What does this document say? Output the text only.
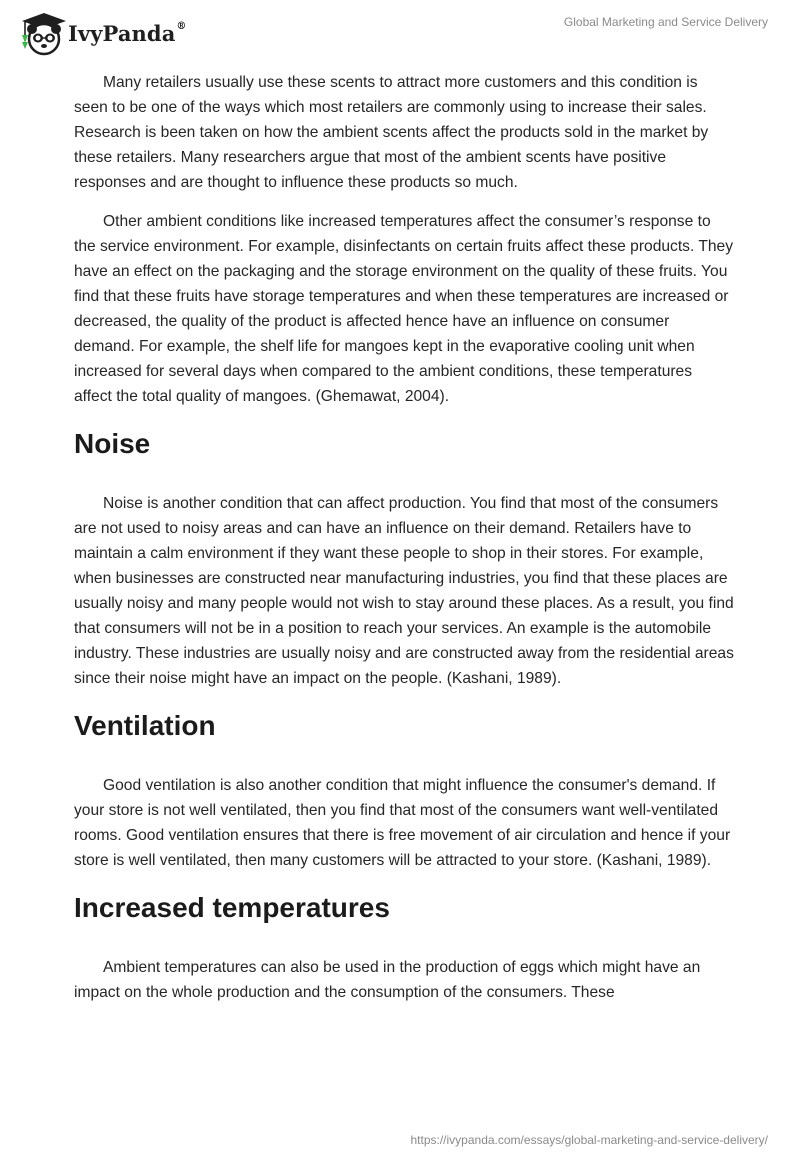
IvyPanda®	Global Marketing and Service Delivery

Many retailers usually use these scents to attract more customers and this condition is seen to be one of the ways which most retailers are commonly using to increase their sales. Research is been taken on how the ambient scents affect the products sold in the market by these retailers. Many researchers argue that most of the ambient scents have positive responses and are thought to influence these products so much.

Other ambient conditions like increased temperatures affect the consumer’s response to the service environment. For example, disinfectants on certain fruits affect these products. They have an effect on the packaging and the storage environment on the quality of these fruits. You find that these fruits have storage temperatures and when these temperatures are increased or decreased, the quality of the product is affected hence have an influence on consumer demand. For example, the shelf life for mangoes kept in the evaporative cooling unit when increased for several days when compared to the ambient conditions, these temperatures affect the total quality of mangoes. (Ghemawat, 2004).

Noise

Noise is another condition that can affect production. You find that most of the consumers are not used to noisy areas and can have an influence on their demand. Retailers have to maintain a calm environment if they want these people to shop in their stores. For example, when businesses are constructed near manufacturing industries, you find that these places are usually noisy and many people would not wish to stay around these places. As a result, you find that consumers will not be in a position to reach your services. An example is the automobile industry. These industries are usually noisy and are constructed away from the residential areas since their noise might have an impact on the people. (Kashani, 1989).

Ventilation

Good ventilation is also another condition that might influence the consumer's demand. If your store is not well ventilated, then you find that most of the consumers want well-ventilated rooms. Good ventilation ensures that there is free movement of air circulation and hence if your store is well ventilated, then many customers will be attracted to your store. (Kashani, 1989).

Increased temperatures

Ambient temperatures can also be used in the production of eggs which might have an impact on the whole production and the consumption of the consumers. These

https://ivypanda.com/essays/global-marketing-and-service-delivery/
